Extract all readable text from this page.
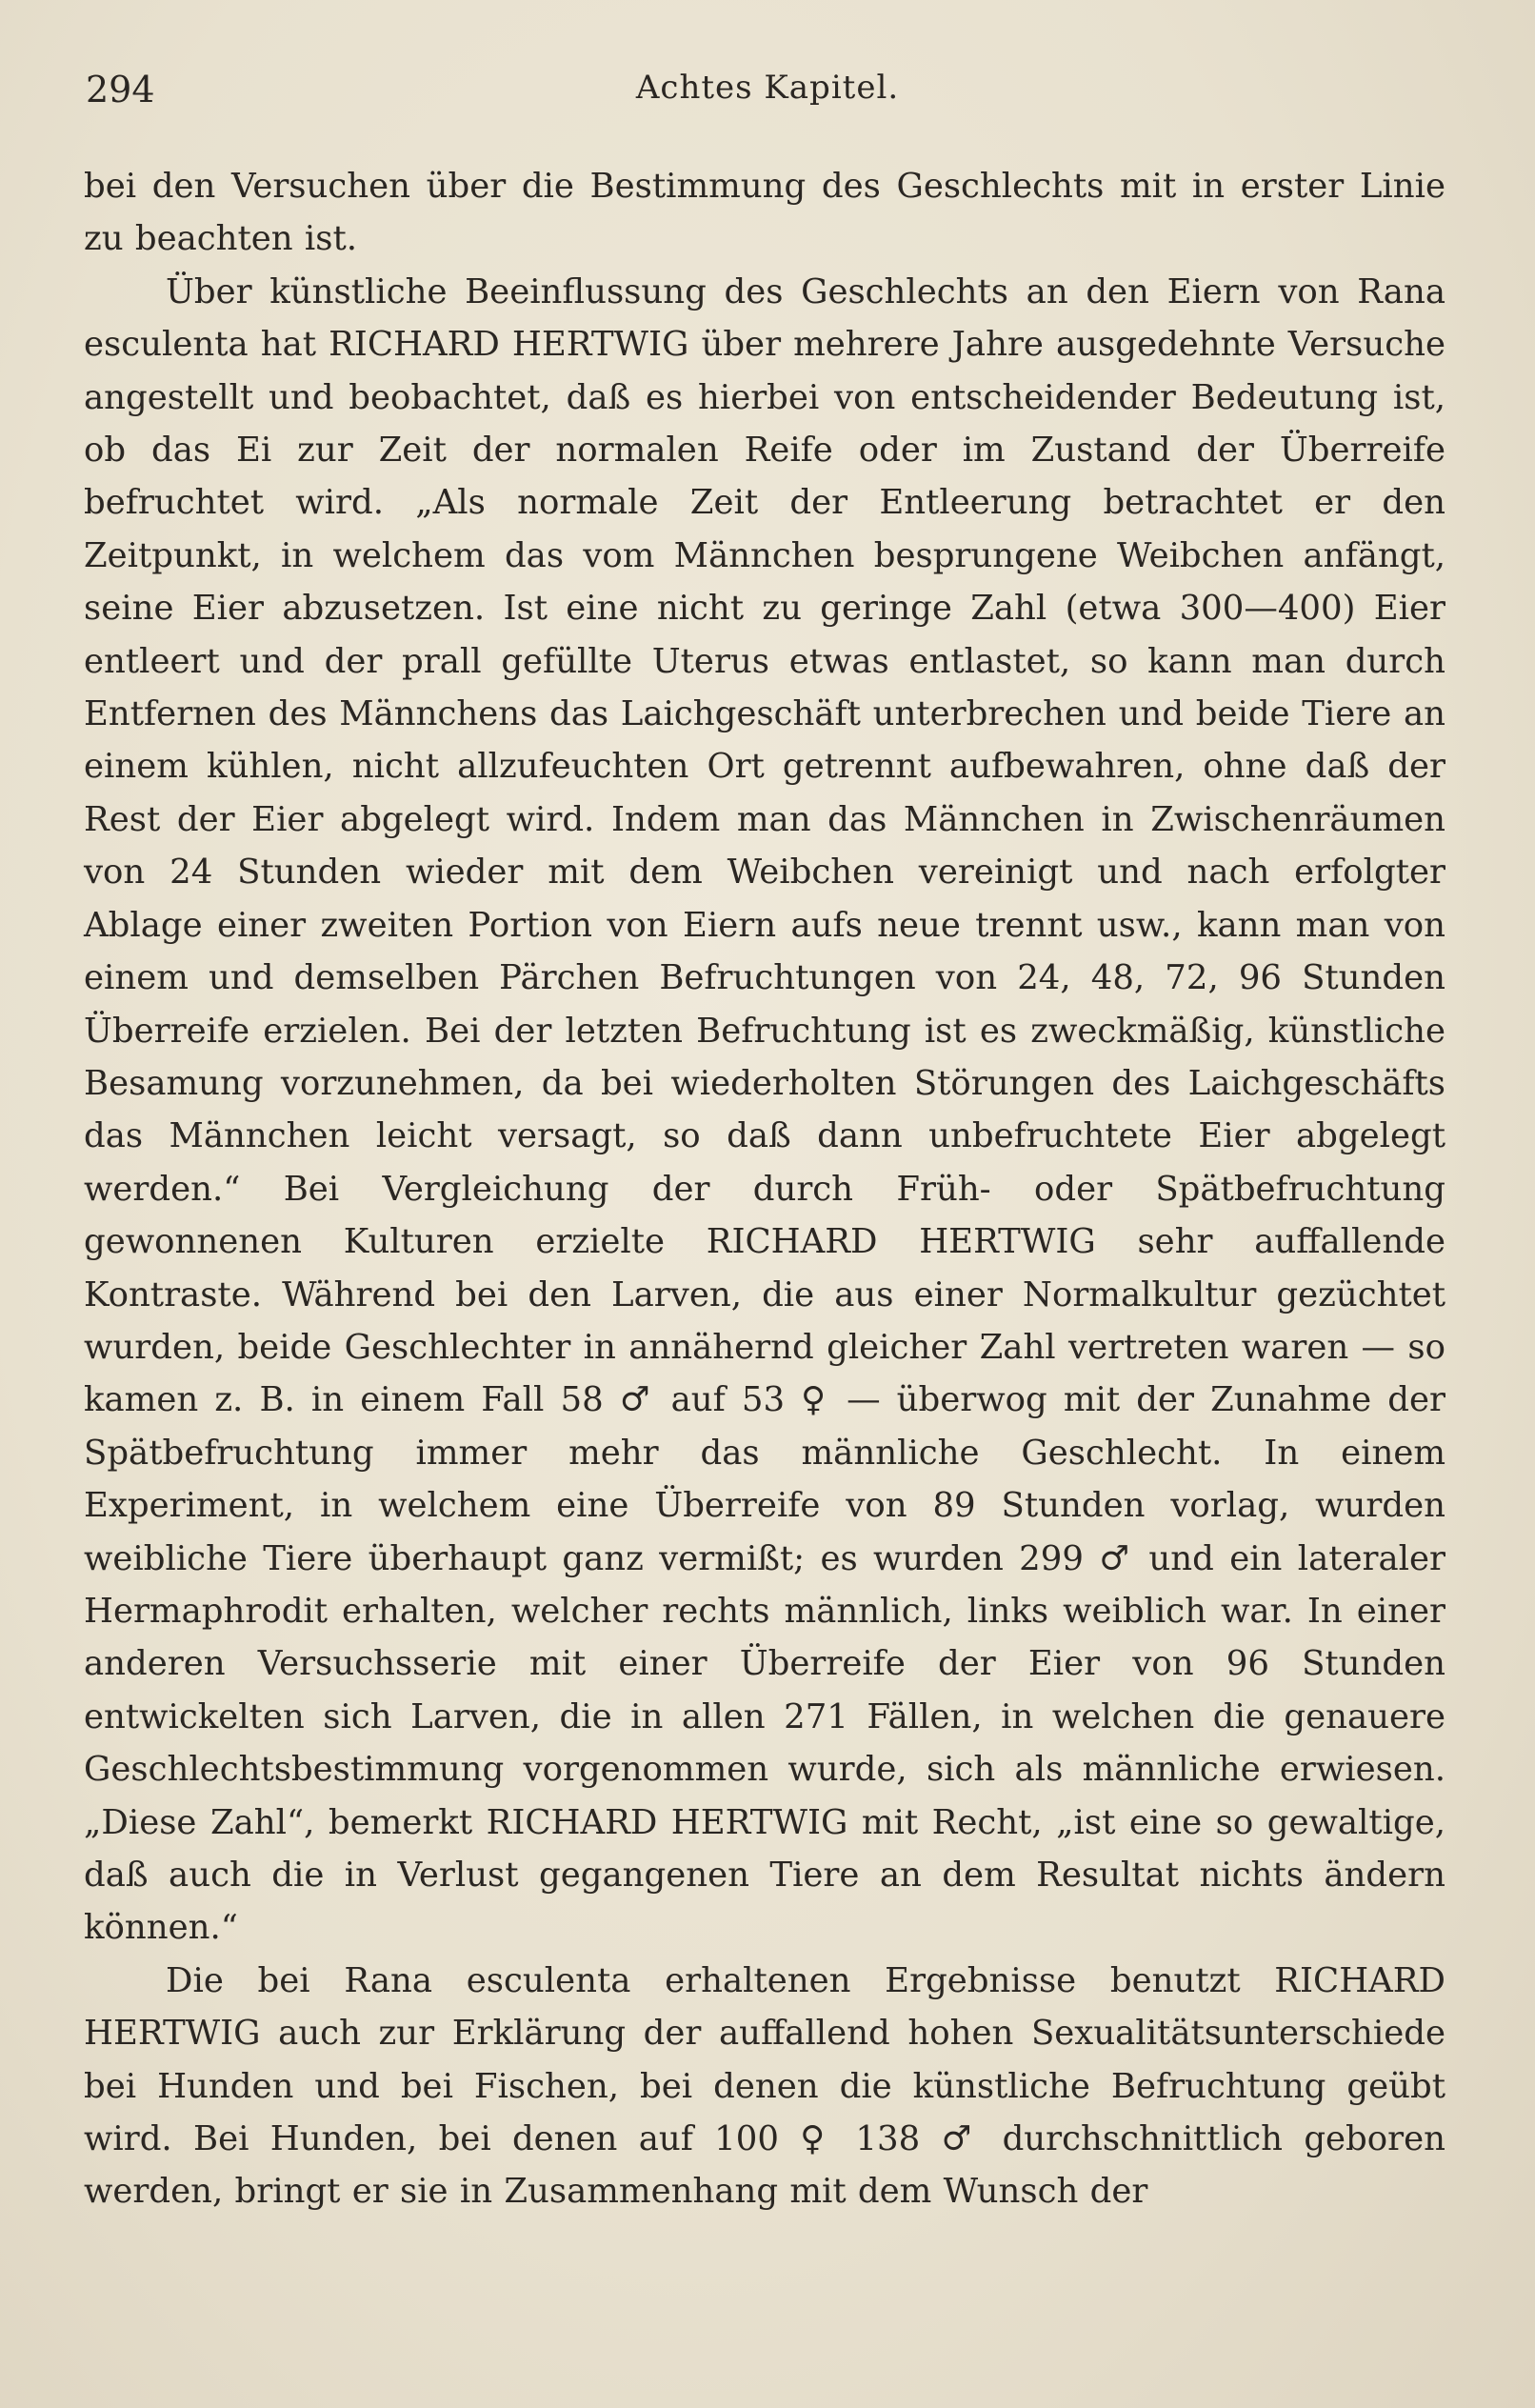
294	Achtes Kapitel.

bei den Versuchen über die Bestimmung des Geschlechts mit in erster Linie zu beachten ist.

Über künstliche Beeinflussung des Geschlechts an den Eiern von Rana esculenta hat RICHARD HERTWIG über mehrere Jahre ausgedehnte Versuche angestellt und beobachtet, daß es hierbei von entscheidender Bedeutung ist, ob das Ei zur Zeit der normalen Reife oder im Zustand der Überreife befruchtet wird. „Als normale Zeit der Entleerung betrachtet er den Zeitpunkt, in welchem das vom Männchen besprungene Weibchen anfängt, seine Eier abzusetzen. Ist eine nicht zu geringe Zahl (etwa 300—400) Eier entleert und der prall gefüllte Uterus etwas entlastet, so kann man durch Entfernen des Männchens das Laichgeschäft unterbrechen und beide Tiere an einem kühlen, nicht allzufeuchten Ort getrennt aufbewahren, ohne daß der Rest der Eier abgelegt wird. Indem man das Männchen in Zwischenräumen von 24 Stunden wieder mit dem Weibchen vereinigt und nach erfolgter Ablage einer zweiten Portion von Eiern aufs neue trennt usw., kann man von einem und demselben Pärchen Befruchtungen von 24, 48, 72, 96 Stunden Überreife erzielen. Bei der letzten Befruchtung ist es zweckmäßig, künstliche Besamung vorzunehmen, da bei wiederholten Störungen des Laichgeschäfts das Männchen leicht versagt, so daß dann unbefruchtete Eier abgelegt werden.“ Bei Vergleichung der durch Früh- oder Spätbefruchtung gewonnenen Kulturen erzielte RICHARD HERTWIG sehr auffallende Kontraste. Während bei den Larven, die aus einer Normalkultur gezüchtet wurden, beide Geschlechter in annähernd gleicher Zahl vertreten waren — so kamen z. B. in einem Fall 58 ♂ auf 53 ♀ — überwog mit der Zunahme der Spätbefruchtung immer mehr das männliche Geschlecht. In einem Experiment, in welchem eine Überreife von 89 Stunden vorlag, wurden weibliche Tiere überhaupt ganz vermißt; es wurden 299 ♂ und ein lateraler Hermaphrodit erhalten, welcher rechts männlich, links weiblich war. In einer anderen Versuchsserie mit einer Überreife der Eier von 96 Stunden entwickelten sich Larven, die in allen 271 Fällen, in welchen die genauere Geschlechtsbestimmung vorgenommen wurde, sich als männliche erwiesen. „Diese Zahl“, bemerkt RICHARD HERTWIG mit Recht, „ist eine so gewaltige, daß auch die in Verlust gegangenen Tiere an dem Resultat nichts ändern können.“

Die bei Rana esculenta erhaltenen Ergebnisse benutzt RICHARD HERTWIG auch zur Erklärung der auffallend hohen Sexualitätsunterschiede bei Hunden und bei Fischen, bei denen die künstliche Befruchtung geübt wird. Bei Hunden, bei denen auf 100 ♀ 138 ♂ durchschnittlich geboren werden, bringt er sie in Zusammenhang mit dem Wunsch der
